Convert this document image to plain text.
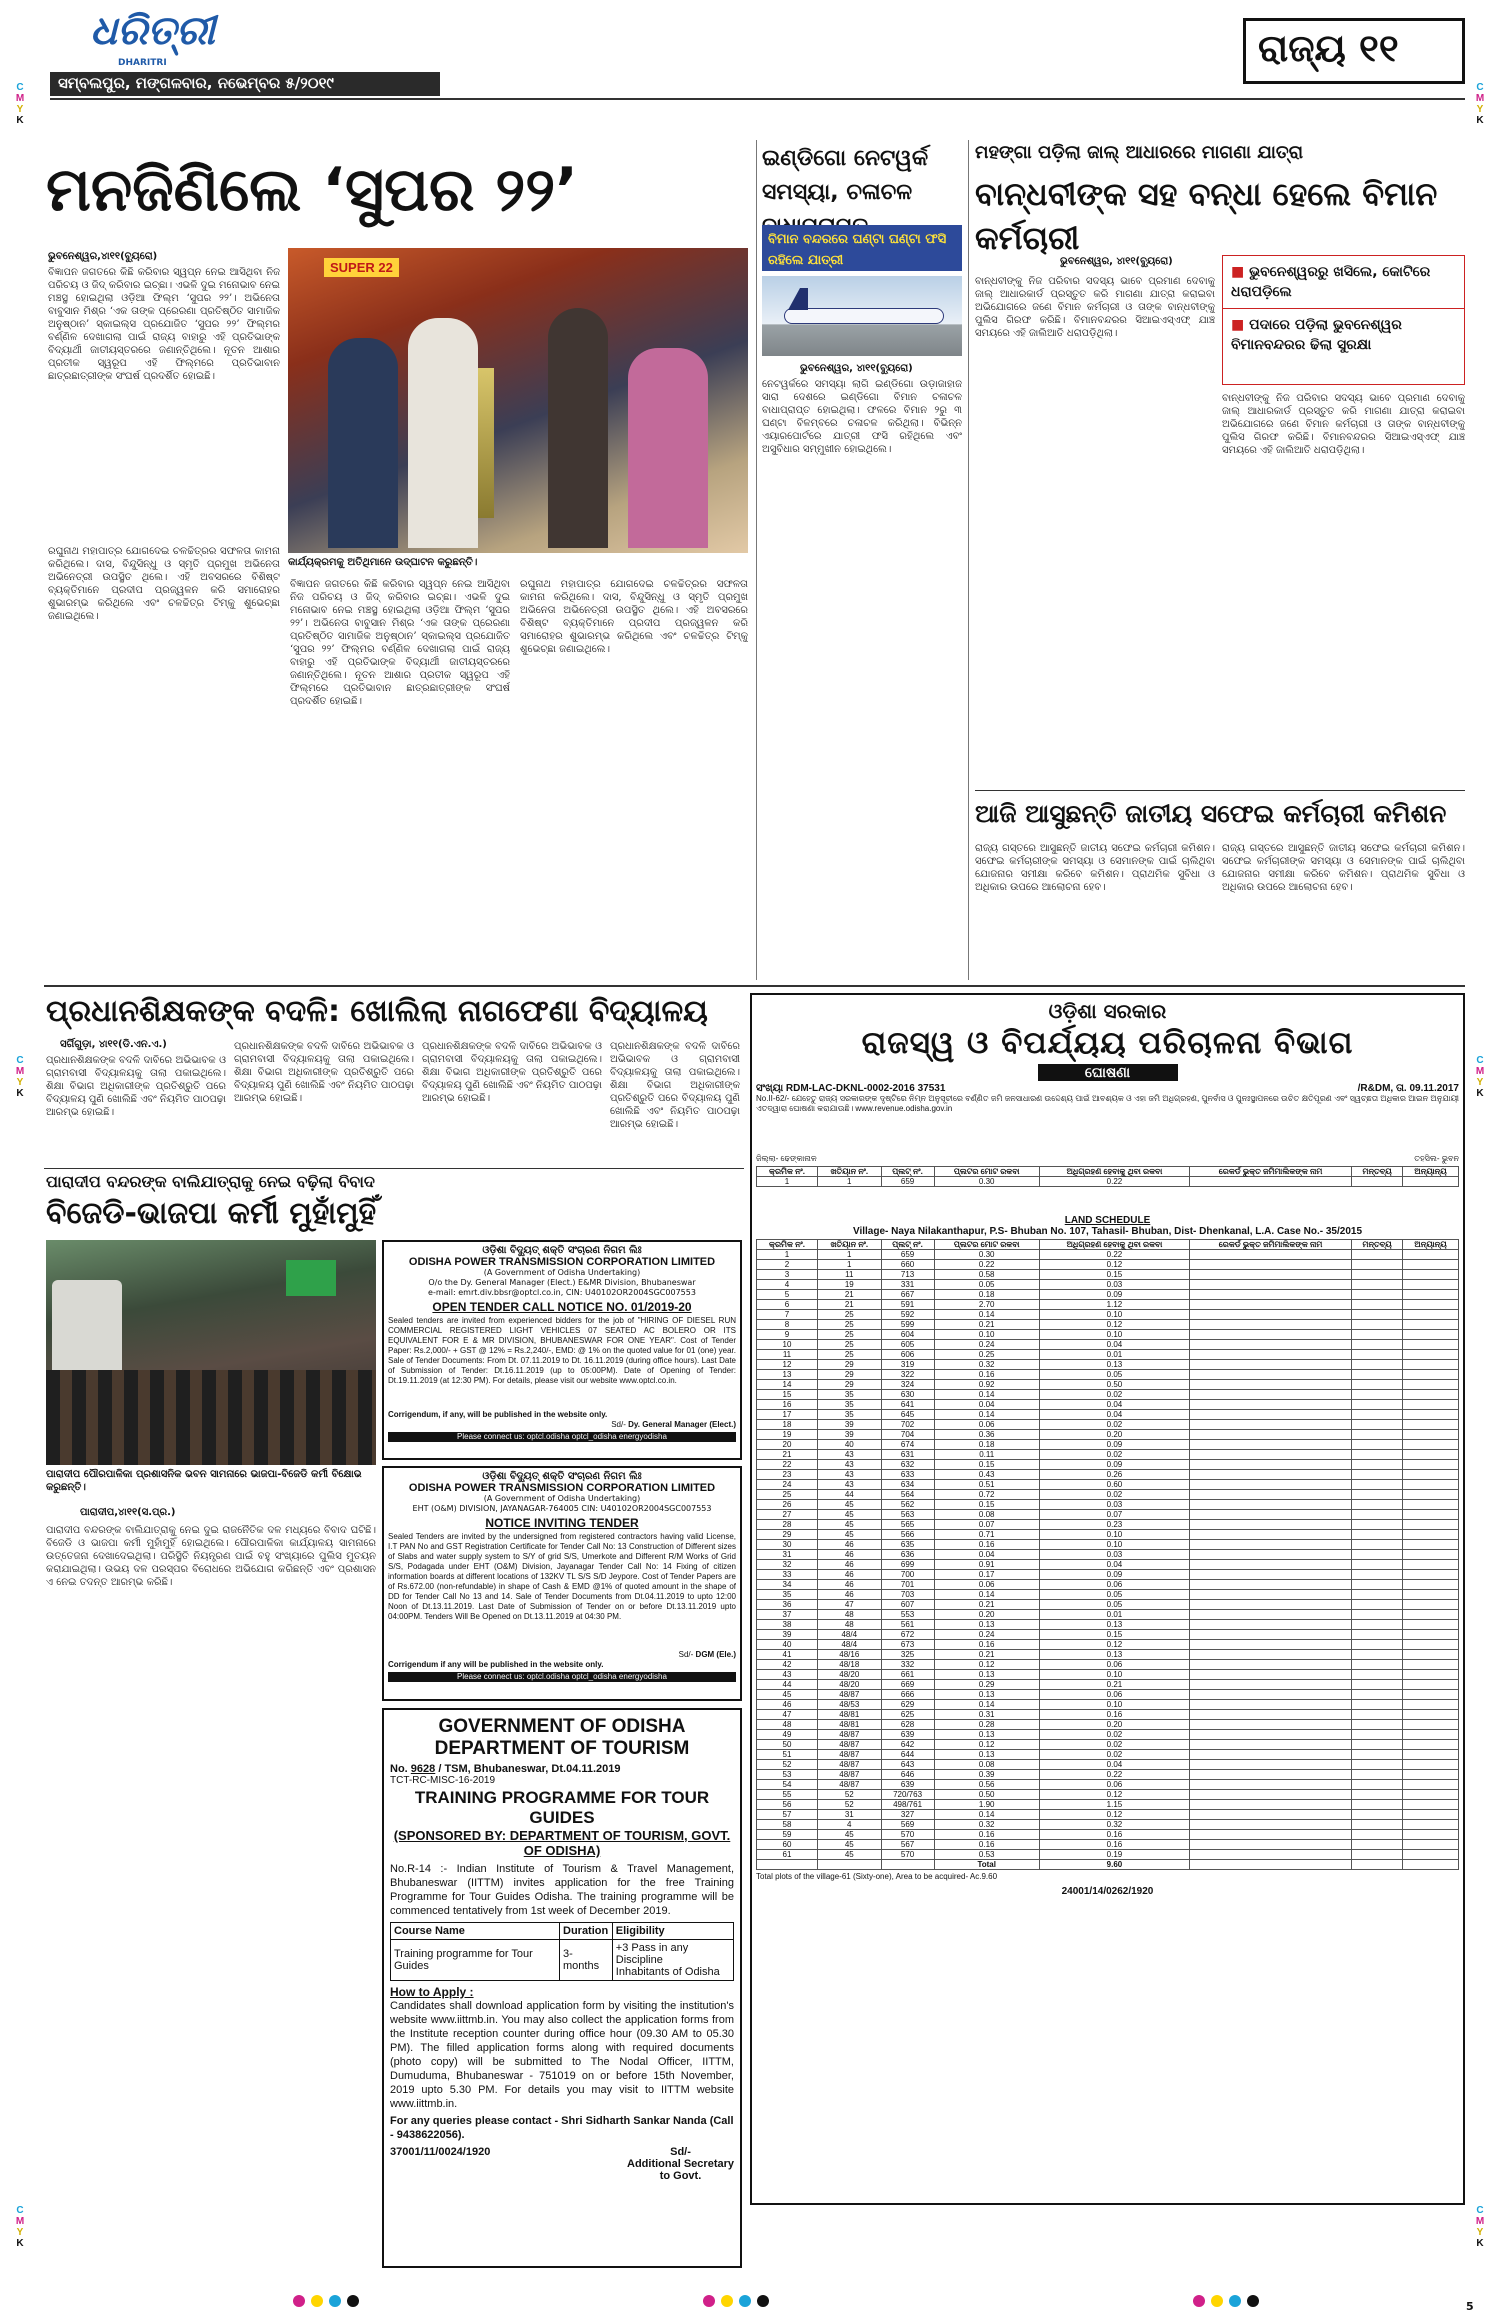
ଧରିତ୍ରୀ
DHARITRI
ସମ୍ବଲପୁର, ମଙ୍ଗଳବାର, ନଭେମ୍ବର ୫/୨୦୧୯
ରାଜ୍ୟ ୧୧
C
M
Y
K
C
M
Y
K
C
M
Y
K
C
M
Y
K
C
M
Y
K
C
M
Y
K
ମନଜିଣିଲେ ‘ସୁପର ୨୨’
ଭୁବନେଶ୍ୱର,୪ା୧୧(ବ୍ୟୁରୋ)
ବିଜ୍ଞାପନ ଜଗତରେ କିଛି କରିବାର ସ୍ୱପ୍ନ ନେଇ ଆସିଥିବା ନିଜ ପରିଚୟ ଓ ଜିଦ୍ କରିବାର ଇଚ୍ଛା। ଏଭଳି ଦୁଇ ମନୋଭାବ ନେଇ ମଞ୍ଚସ୍ଥ ହୋଇଥିଲା ଓଡ଼ିଆ ଫିଲ୍ମ ‘ସୁପର ୨୨’। ଅଭିନେତା ବାବୁସାନ ମିଶ୍ର ‘ଏକ ତାଙ୍କ ପ୍ରେରଣା ପ୍ରତିଷ୍ଠିତ ସାମାଜିକ ଅନୁଷ୍ଠାନ’ ସ୍କାଇଲ୍ସ ପ୍ରଯୋଜିତ ‘ସୁପର ୨୨’ ଫିଲ୍ମର ବର୍ଣ୍ଣିଳ ଦେଖାଗଲା ପାଇଁ ରାଜ୍ୟ ବାହାରୁ ଏହି ପ୍ରତିଭାଙ୍କ ବିଦ୍ୟାର୍ଥୀ ଜାତୀୟସ୍ତରରେ ଜଣାନ୍ତିଥିଲେ। ନୂତନ ଆଶାର ପ୍ରତୀକ ସ୍ୱରୂପ ଏହି ଫିଲ୍ମରେ ପ୍ରତିଭାବାନ ଛାତ୍ରଛାତ୍ରୀଙ୍କ ସଂଘର୍ଷ ପ୍ରଦର୍ଶିତ ହୋଇଛି।
SUPER 22
କାର୍ଯ୍ୟକ୍ରମକୁ ଅତିଥିମାନେ ଉଦ୍‌ଘାଟନ କରୁଛନ୍ତି।
ରଘୁନାଥ ମହାପାତ୍ର ଯୋଗଦେଇ ଚଳଚ୍ଚିତ୍ରର ସଫଳତା କାମନା କରିଥିଲେ। ଦାସ, ବିନ୍ଦୁସିନ୍ଧୁ ଓ ସ୍ମୃତି ପ୍ରମୁଖ ଅଭିନେତା ଅଭିନେତ୍ରୀ ଉପସ୍ଥିତ ଥିଲେ। ଏହି ଅବସରରେ ବିଶିଷ୍ଟ ବ୍ୟକ୍ତିମାନେ ପ୍ରଦୀପ ପ୍ରଜ୍ୱଳନ କରି ସମାରୋହର ଶୁଭାରମ୍ଭ କରିଥିଲେ ଏବଂ ଚଳଚ୍ଚିତ୍ର ଟିମ୍‌କୁ ଶୁଭେଚ୍ଛା ଜଣାଇଥିଲେ।
ବିଜ୍ଞାପନ ଜଗତରେ କିଛି କରିବାର ସ୍ୱପ୍ନ ନେଇ ଆସିଥିବା ନିଜ ପରିଚୟ ଓ ଜିଦ୍ କରିବାର ଇଚ୍ଛା। ଏଭଳି ଦୁଇ ମନୋଭାବ ନେଇ ମଞ୍ଚସ୍ଥ ହୋଇଥିଲା ଓଡ଼ିଆ ଫିଲ୍ମ ‘ସୁପର ୨୨’। ଅଭିନେତା ବାବୁସାନ ମିଶ୍ର ‘ଏକ ତାଙ୍କ ପ୍ରେରଣା ପ୍ରତିଷ୍ଠିତ ସାମାଜିକ ଅନୁଷ୍ଠାନ’ ସ୍କାଇଲ୍ସ ପ୍ରଯୋଜିତ ‘ସୁପର ୨୨’ ଫିଲ୍ମର ବର୍ଣ୍ଣିଳ ଦେଖାଗଲା ପାଇଁ ରାଜ୍ୟ ବାହାରୁ ଏହି ପ୍ରତିଭାଙ୍କ ବିଦ୍ୟାର୍ଥୀ ଜାତୀୟସ୍ତରରେ ଜଣାନ୍ତିଥିଲେ। ନୂତନ ଆଶାର ପ୍ରତୀକ ସ୍ୱରୂପ ଏହି ଫିଲ୍ମରେ ପ୍ରତିଭାବାନ ଛାତ୍ରଛାତ୍ରୀଙ୍କ ସଂଘର୍ଷ ପ୍ରଦର୍ଶିତ ହୋଇଛି।
ରଘୁନାଥ ମହାପାତ୍ର ଯୋଗଦେଇ ଚଳଚ୍ଚିତ୍ରର ସଫଳତା କାମନା କରିଥିଲେ। ଦାସ, ବିନ୍ଦୁସିନ୍ଧୁ ଓ ସ୍ମୃତି ପ୍ରମୁଖ ଅଭିନେତା ଅଭିନେତ୍ରୀ ଉପସ୍ଥିତ ଥିଲେ। ଏହି ଅବସରରେ ବିଶିଷ୍ଟ ବ୍ୟକ୍ତିମାନେ ପ୍ରଦୀପ ପ୍ରଜ୍ୱଳନ କରି ସମାରୋହର ଶୁଭାରମ୍ଭ କରିଥିଲେ ଏବଂ ଚଳଚ୍ଚିତ୍ର ଟିମ୍‌କୁ ଶୁଭେଚ୍ଛା ଜଣାଇଥିଲେ।
ଇଣ୍ଡିଗୋ ନେଟୱର୍କ ସମସ୍ୟା, ଚଳାଚଳ
ବିମାନ ବନ୍ଦରରେ ଘଣ୍ଟା ଘଣ୍ଟା ଫସି ରହିଲେ ଯାତ୍ରୀ
ଭୁବନେଶ୍ୱର, ୪ା୧୧(ବ୍ୟୁରୋ)
ନେଟୱର୍କରେ ସମସ୍ୟା ଲାଗି ଇଣ୍ଡିଗୋ ଉଡ଼ାଜାହାଜ ସାରା ଦେଶରେ ଇଣ୍ଡିଗୋ ବିମାନ ଚଳାଚଳ ବାଧାପ୍ରାପ୍ତ ହୋଇଥିଲା। ଫଳରେ ବିମାନ ୨ରୁ ୩ ଘଣ୍ଟା ବିଳମ୍ବରେ ଚଳାଚଳ କରିଥିଲା। ବିଭିନ୍ନ ଏୟାରପୋର୍ଟରେ ଯାତ୍ରୀ ଫସି ରହିଥିଲେ ଏବଂ ଅସୁବିଧାର ସମ୍ମୁଖୀନ ହୋଇଥିଲେ।
ମହଙ୍ଗା ପଡ଼ିଲା ଜାଲ୍ ଆଧାରରେ ମାଗଣା ଯାତ୍ରା
ବାନ୍ଧବୀଙ୍କ ସହ ବନ୍ଧା ହେଲେ ବିମାନ କର୍ମଚାରୀ
ଭୁବନେଶ୍ୱର, ୪ା୧୧(ବ୍ୟୁରୋ)
ବାନ୍ଧବୀଙ୍କୁ ନିଜ ପରିବାର ସଦସ୍ୟ ଭାବେ ପ୍ରମାଣ ଦେବାକୁ ଜାଲ୍ ଆଧାରକାର୍ଡ ପ୍ରସ୍ତୁତ କରି ମାଗଣା ଯାତ୍ରା କରାଇବା ଅଭିଯୋଗରେ ଜଣେ ବିମାନ କର୍ମଚାରୀ ଓ ତାଙ୍କ ବାନ୍ଧବୀଙ୍କୁ ପୁଲିସ ଗିରଫ କରିଛି। ବିମାନବନ୍ଦରର ସିଆଇଏସ୍‌ଏଫ୍ ଯାଞ୍ଚ ସମୟରେ ଏହି ଜାଲିଆତି ଧରାପଡ଼ିଥିଲା।
■ ଭୁବନେଶ୍ୱରରୁ ଖସିଲେ, କୋଟିରେ ଧରାପଡ଼ିଲେ
■ ପଦାରେ ପଡ଼ିଲା ଭୁବନେଶ୍ୱର ବିମାନବନ୍ଦରର ଢିଲା ସୁରକ୍ଷା
ବାନ୍ଧବୀଙ୍କୁ ନିଜ ପରିବାର ସଦସ୍ୟ ଭାବେ ପ୍ରମାଣ ଦେବାକୁ ଜାଲ୍ ଆଧାରକାର୍ଡ ପ୍ରସ୍ତୁତ କରି ମାଗଣା ଯାତ୍ରା କରାଇବା ଅଭିଯୋଗରେ ଜଣେ ବିମାନ କର୍ମଚାରୀ ଓ ତାଙ୍କ ବାନ୍ଧବୀଙ୍କୁ ପୁଲିସ ଗିରଫ କରିଛି। ବିମାନବନ୍ଦରର ସିଆଇଏସ୍‌ଏଫ୍ ଯାଞ୍ଚ ସମୟରେ ଏହି ଜାଲିଆତି ଧରାପଡ଼ିଥିଲା।
ଆଜି ଆସୁଛନ୍ତି ଜାତୀୟ ସଫେଇ କର୍ମଚାରୀ କମିଶନ
ରାଜ୍ୟ ଗସ୍ତରେ ଆସୁଛନ୍ତି ଜାତୀୟ ସଫେଇ କର୍ମଚାରୀ କମିଶନ। ସଫେଇ କର୍ମଚାରୀଙ୍କ ସମସ୍ୟା ଓ ସେମାନଙ୍କ ପାଇଁ ଚାଲିଥିବା ଯୋଜନାର ସମୀକ୍ଷା କରିବେ କମିଶନ। ପ୍ରାଥମିକ ସୁବିଧା ଓ ଅଧିକାର ଉପରେ ଆଲୋଚନା ହେବ।
ରାଜ୍ୟ ଗସ୍ତରେ ଆସୁଛନ୍ତି ଜାତୀୟ ସଫେଇ କର୍ମଚାରୀ କମିଶନ। ସଫେଇ କର୍ମଚାରୀଙ୍କ ସମସ୍ୟା ଓ ସେମାନଙ୍କ ପାଇଁ ଚାଲିଥିବା ଯୋଜନାର ସମୀକ୍ଷା କରିବେ କମିଶନ। ପ୍ରାଥମିକ ସୁବିଧା ଓ ଅଧିକାର ଉପରେ ଆଲୋଚନା ହେବ।
ପ୍ରଧାନଶିକ୍ଷକଙ୍କ ବଦଳି: ଖୋଲିଲା ନାଗଫେଣା ବିଦ୍ୟାଳୟ
ସର୍ଗିଗୁଡ଼ା, ୪ା୧୧(ଡି.ଏନ.ଏ.)
ପ୍ରଧାନଶିକ୍ଷକଙ୍କ ବଦଳି ଦାବିରେ ଅଭିଭାବକ ଓ ଗ୍ରାମବାସୀ ବିଦ୍ୟାଳୟକୁ ତାଲା ପକାଇଥିଲେ। ଶିକ୍ଷା ବିଭାଗ ଅଧିକାରୀଙ୍କ ପ୍ରତିଶ୍ରୁତି ପରେ ବିଦ୍ୟାଳୟ ପୁଣି ଖୋଲିଛି ଏବଂ ନିୟମିତ ପାଠପଢ଼ା ଆରମ୍ଭ ହୋଇଛି।
ପ୍ରଧାନଶିକ୍ଷକଙ୍କ ବଦଳି ଦାବିରେ ଅଭିଭାବକ ଓ ଗ୍ରାମବାସୀ ବିଦ୍ୟାଳୟକୁ ତାଲା ପକାଇଥିଲେ। ଶିକ୍ଷା ବିଭାଗ ଅଧିକାରୀଙ୍କ ପ୍ରତିଶ୍ରୁତି ପରେ ବିଦ୍ୟାଳୟ ପୁଣି ଖୋଲିଛି ଏବଂ ନିୟମିତ ପାଠପଢ଼ା ଆରମ୍ଭ ହୋଇଛି।
ପ୍ରଧାନଶିକ୍ଷକଙ୍କ ବଦଳି ଦାବିରେ ଅଭିଭାବକ ଓ ଗ୍ରାମବାସୀ ବିଦ୍ୟାଳୟକୁ ତାଲା ପକାଇଥିଲେ। ଶିକ୍ଷା ବିଭାଗ ଅଧିକାରୀଙ୍କ ପ୍ରତିଶ୍ରୁତି ପରେ ବିଦ୍ୟାଳୟ ପୁଣି ଖୋଲିଛି ଏବଂ ନିୟମିତ ପାଠପଢ଼ା ଆରମ୍ଭ ହୋଇଛି।
ପ୍ରଧାନଶିକ୍ଷକଙ୍କ ବଦଳି ଦାବିରେ ଅଭିଭାବକ ଓ ଗ୍ରାମବାସୀ ବିଦ୍ୟାଳୟକୁ ତାଲା ପକାଇଥିଲେ। ଶିକ୍ଷା ବିଭାଗ ଅଧିକାରୀଙ୍କ ପ୍ରତିଶ୍ରୁତି ପରେ ବିଦ୍ୟାଳୟ ପୁଣି ଖୋଲିଛି ଏବଂ ନିୟମିତ ପାଠପଢ଼ା ଆରମ୍ଭ ହୋଇଛି।
ପାରାଦୀପ ବନ୍ଦରଙ୍କ ବାଲିଯାତ୍ରାକୁ ନେଇ ବଢ଼ିଲା ବିବାଦ
ବିଜେଡି-ଭାଜପା କର୍ମୀ ମୁହାଁମୁହିଁ
ପାରାଦୀପ ପୌରପାଳିକା ପ୍ରଶାସନିକ ଭବନ ସାମନାରେ ଭାଜପା-ବିଜେଡି କର୍ମୀ ବିକ୍ଷୋଭ କରୁଛନ୍ତି।
ପାରାଦୀପ,୪ା୧୧(ସ.ପ୍ର.)
ପାରାଦୀପ ବନ୍ଦରଙ୍କ ବାଲିଯାତ୍ରାକୁ ନେଇ ଦୁଇ ରାଜନୈତିକ ଦଳ ମଧ୍ୟରେ ବିବାଦ ଘଟିଛି। ବିଜେଡି ଓ ଭାଜପା କର୍ମୀ ମୁହାଁମୁହିଁ ହୋଇଥିଲେ। ପୌରପାଳିକା କାର୍ଯ୍ୟାଳୟ ସାମନାରେ ଉତ୍ତେଜନା ଦେଖାଦେଇଥିଲା। ପରିସ୍ଥିତି ନିୟନ୍ତ୍ରଣ ପାଇଁ ବହୁ ସଂଖ୍ୟାରେ ପୁଲିସ ମୁତୟନ କରାଯାଇଥିଲା। ଉଭୟ ଦଳ ପରସ୍ପର ବିରୋଧରେ ଅଭିଯୋଗ କରିଛନ୍ତି ଏବଂ ପ୍ରଶାସନ ଏ ନେଇ ତଦନ୍ତ ଆରମ୍ଭ କରିଛି।
ଓଡ଼ିଶା ବିଦ୍ୟୁତ୍ ଶକ୍ତି ସଂଚାରଣ ନିଗମ ଲିଃ
ODISHA POWER TRANSMISSION CORPORATION LIMITED
(A Government of Odisha Undertaking)
O/o the Dy. General Manager (Elect.) E&MR Division, Bhubaneswar
e-mail: emrt.div.bbsr@optcl.co.in, CIN: U40102OR2004SGC007553
OPEN TENDER CALL NOTICE NO. 01/2019-20
Sealed tenders are invited from experienced bidders for the job of "HIRING OF DIESEL RUN COMMERCIAL REGISTERED LIGHT VEHICLES 07 SEATED AC BOLERO OR ITS EQUIVALENT FOR E & MR DIVISION, BHUBANESWAR FOR ONE YEAR". Cost of Tender Paper: Rs.2,000/- + GST @ 12% = Rs.2,240/-, EMD: @ 1% on the quoted value for 01 (one) year. Sale of Tender Documents: From Dt. 07.11.2019 to Dt. 16.11.2019 (during office hours). Last Date of Submission of Tender: Dt.16.11.2019 (up to 05:00PM). Date of Opening of Tender: Dt.19.11.2019 (at 12:30 PM). For details, please visit our website www.optcl.co.in.
Corrigendum, if any, will be published in the website only.
Sd/- Dy. General Manager (Elect.)
Please connect us: optcl.odisha optcl_odisha energyodisha
ଓଡ଼ିଶା ବିଦ୍ୟୁତ୍ ଶକ୍ତି ସଂଚାରଣ ନିଗମ ଲିଃ
ODISHA POWER TRANSMISSION CORPORATION LIMITED
(A Government of Odisha Undertaking)
EHT (O&M) DIVISION, JAYANAGAR-764005 CIN: U40102OR2004SGC007553
NOTICE INVITING TENDER
Sealed Tenders are invited by the undersigned from registered contractors having valid License, I.T PAN No and GST Registration Certificate for Tender Call No: 13 Construction of Different sizes of Slabs and water supply system to S/Y of grid S/S, Umerkote and Different R/M Works of Grid S/S, Podagada under EHT (O&M) Division, Jayanagar Tender Call No: 14 Fixing of citizen information boards at different locations of 132KV TL S/S S/D Jeypore. Cost of Tender Papers are of Rs.672.00 (non-refundable) in shape of Cash & EMD @1% of quoted amount in the shape of DD for Tender Call No 13 and 14. Sale of Tender Documents from Dt.04.11.2019 to upto 12:00 Noon of Dt.13.11.2019. Last Date of Submission of Tender on or before Dt.13.11.2019 upto 04:00PM. Tenders Will Be Opened on Dt.13.11.2019 at 04:30 PM.
Sd/- DGM (Ele.)
Corrigendum if any will be published in the website only.
Please connect us: optcl.odisha optcl_odisha energyodisha
GOVERNMENT OF ODISHA
DEPARTMENT OF TOURISM
No. 9628 / TSM, Bhubaneswar, Dt.04.11.2019
TCT-RC-MISC-16-2019
TRAINING PROGRAMME FOR TOUR GUIDES
(SPONSORED BY: DEPARTMENT OF TOURISM, GOVT. OF ODISHA)
No.R-14 :- Indian Institute of Tourism & Travel Management, Bhubaneswar (IITTM) invites application for the free Training Programme for Tour Guides Odisha. The training programme will be commenced tentatively from 1st week of December 2019.
Course Name	Duration	Eligibility
Training programme for Tour Guides	3-months	+3 Pass in any Discipline
Inhabitants of Odisha
How to Apply :
Candidates shall download application form by visiting the institution's website www.iittmb.in. You may also collect the application forms from the Institute reception counter during office hour (09.30 AM to 05.30 PM). The filled application forms along with required documents (photo copy) will be submitted to The Nodal Officer, IITTM, Dumuduma, Bhubaneswar - 751019 on or before 15th November, 2019 upto 5.30 PM. For details you may visit to IITTM website www.iittmb.in.
For any queries please contact - Shri Sidharth Sankar Nanda (Call - 9438622056).
37001/11/0024/1920	Sd/-
Additional Secretary
to Govt.
ଓଡ଼ିଶା ସରକାର
ରାଜସ୍ୱ ଓ ବିପର୍ଯ୍ୟୟ ପରିଚାଳନା ବିଭାଗ
ଘୋଷଣା
ସଂଖ୍ୟା RDM-LAC-DKNL-0002-2016 37531	/R&DM, ତା. 09.11.2017
No.II-62/- ଯେହେତୁ ରାଜ୍ୟ ସରକାରଙ୍କ ଦୃଷ୍ଟିରେ ନିମ୍ନ ଅନୁସୂଚୀରେ ବର୍ଣ୍ଣିତ ଜମି ଜନସାଧାରଣ ଉଦ୍ଦେଶ୍ୟ ପାଇଁ ଆବଶ୍ୟକ ଓ ଏହା ଜମି ଅଧିଗ୍ରହଣ, ପୁନର୍ବାସ ଓ ପୁନଃସ୍ଥାପନରେ ଉଚିତ କ୍ଷତିପୂରଣ ଏବଂ ସ୍ୱଚ୍ଛତା ଅଧିକାର ଆଇନ ଅନୁଯାୟୀ ଏତଦ୍ୱାରା ଘୋଷଣା କରାଯାଉଛି। www.revenue.odisha.gov.in
ଜିଲ୍ଲା- ଢେଙ୍କାନାଳ	ତହସିଲ- ଭୁବନ
କ୍ରମିକ ନଂ.	ଖତିୟାନ ନଂ.	ପ୍ଲଟ୍ ନଂ.	ପ୍ଲଟର ମୋଟ ରକବା	ଅଧିଗ୍ରହଣ ହେବାକୁ ଥିବା ରକବା	ରେକର୍ଡ ଭୁକ୍ତ ଜମିମାଲିକଙ୍କ ନାମ	ମନ୍ତବ୍ୟ	ଅନ୍ୟାନ୍ୟ
1	1	659	0.30	0.22			
LAND SCHEDULE
Village- Naya Nilakanthapur, P.S- Bhuban No. 107, Tahasil- Bhuban, Dist- Dhenkanal, L.A. Case No.- 35/2015
କ୍ରମିକ ନଂ.	ଖତିୟାନ ନଂ.	ପ୍ଲଟ୍ ନଂ.	ପ୍ଲଟର ମୋଟ ରକବା	ଅଧିଗ୍ରହଣ ହେବାକୁ ଥିବା ରକବା	ରେକର୍ଡ ଭୁକ୍ତ ଜମିମାଲିକଙ୍କ ନାମ	ମନ୍ତବ୍ୟ	ଅନ୍ୟାନ୍ୟ
1	1	659	0.30	0.22			
2	1	660	0.22	0.12			
3	11	713	0.58	0.15			
4	19	331	0.05	0.03			
5	21	667	0.18	0.09			
6	21	591	2.70	1.12			
7	25	592	0.14	0.10			
8	25	599	0.21	0.12			
9	25	604	0.10	0.10			
10	25	605	0.24	0.04			
11	25	606	0.25	0.01			
12	29	319	0.32	0.13			
13	29	322	0.16	0.05			
14	29	324	0.92	0.50			
15	35	630	0.14	0.02			
16	35	641	0.04	0.04			
17	35	645	0.14	0.04			
18	39	702	0.06	0.02			
19	39	704	0.36	0.20			
20	40	674	0.18	0.09			
21	43	631	0.11	0.02			
22	43	632	0.15	0.09			
23	43	633	0.43	0.26			
24	43	634	0.51	0.60			
25	44	564	0.72	0.02			
26	45	562	0.15	0.03			
27	45	563	0.08	0.07			
28	45	565	0.07	0.23			
29	45	566	0.71	0.10			
30	46	635	0.16	0.10			
31	46	636	0.04	0.03			
32	46	699	0.91	0.04			
33	46	700	0.17	0.09			
34	46	701	0.06	0.06			
35	46	703	0.14	0.05			
36	47	607	0.21	0.05			
37	48	553	0.20	0.01			
38	48	561	0.13	0.13			
39	48/4	672	0.24	0.15			
40	48/4	673	0.16	0.12			
41	48/16	325	0.21	0.13			
42	48/18	332	0.12	0.06			
43	48/20	661	0.13	0.10			
44	48/20	669	0.29	0.21			
45	48/87	666	0.13	0.06			
46	48/53	629	0.14	0.10			
47	48/81	625	0.31	0.16			
48	48/81	628	0.28	0.20			
49	48/87	639	0.13	0.02			
50	48/87	642	0.12	0.02			
51	48/87	644	0.13	0.02			
52	48/87	643	0.08	0.04			
53	48/87	646	0.39	0.22			
54	48/87	639	0.56	0.06			
55	52	720/763	0.50	0.12			
56	52	498/761	1.90	1.15			
57	31	327	0.14	0.12			
58	4	569	0.32	0.32			
59	45	570	0.16	0.16			
60	45	567	0.16	0.16			
61	45	570	0.53	0.19			
			Total	9.60			
Total plots of the village-61 (Sixty-one), Area to be acquired- Ac.9.60
24001/14/0262/1920
5
